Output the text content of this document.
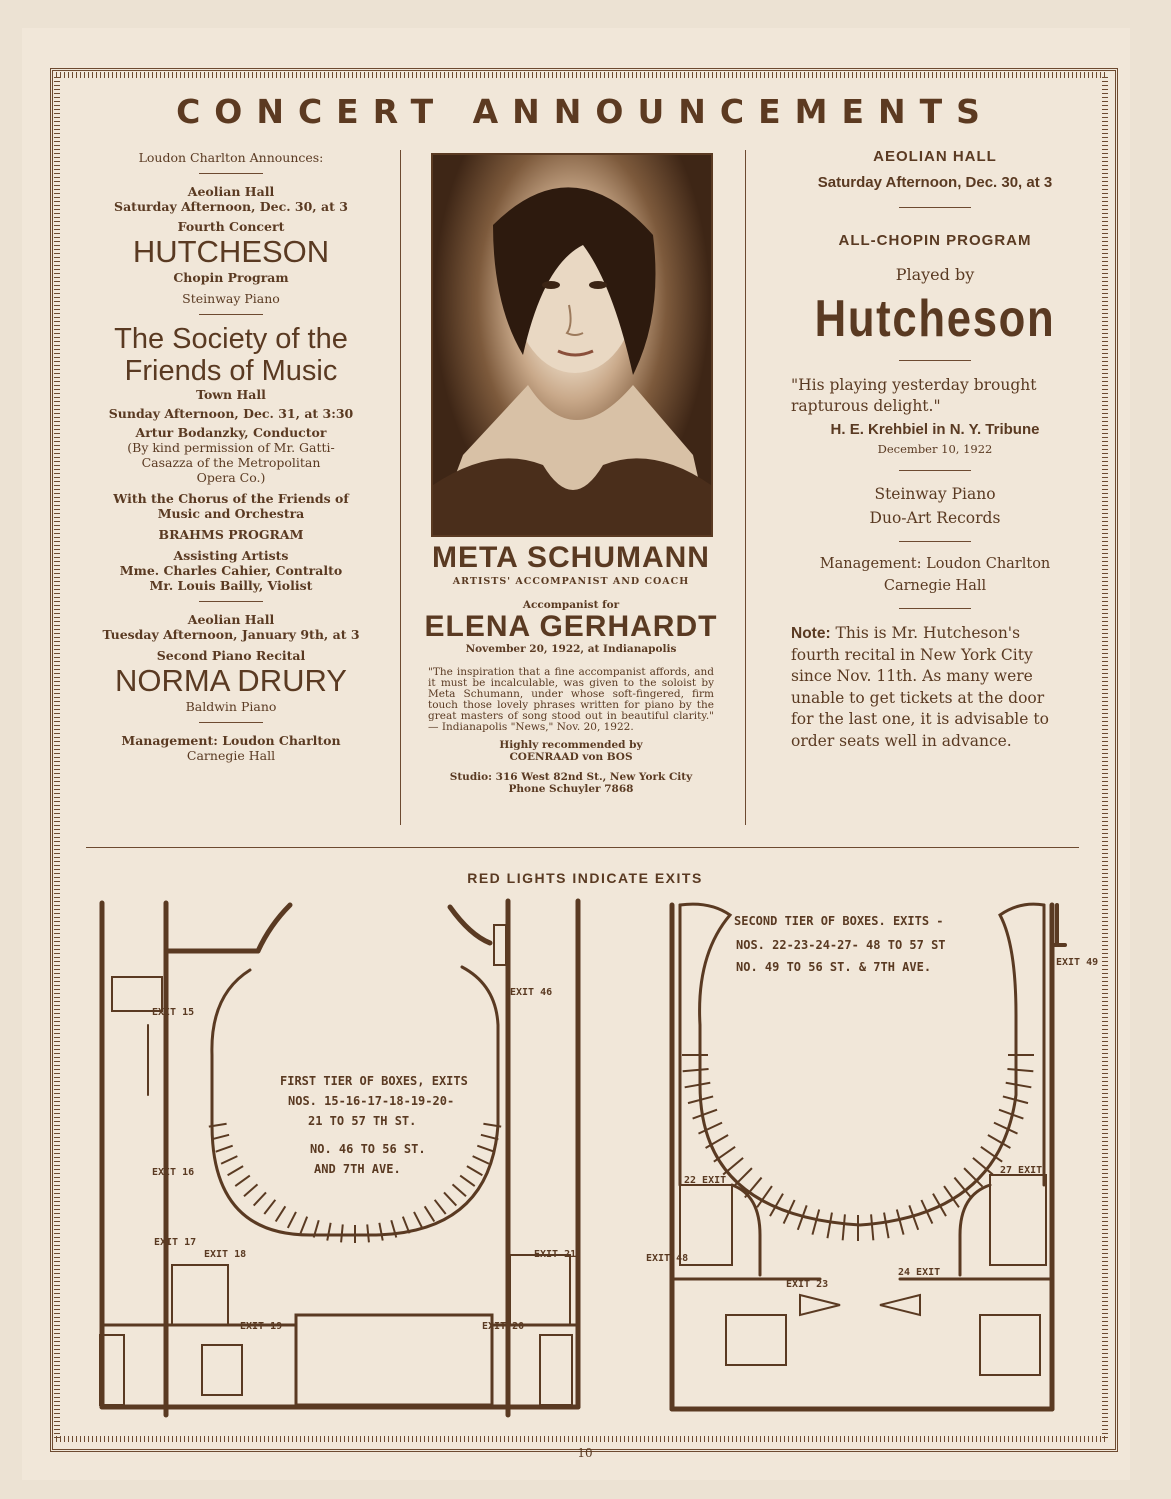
CONCERT ANNOUNCEMENTS
Loudon Charlton Announces:
Aeolian Hall
Saturday Afternoon, Dec. 30, at 3
Fourth Concert
HUTCHESON
Chopin Program
Steinway Piano
The Society of the
Friends of Music
Town Hall
Sunday Afternoon, Dec. 31, at 3:30
Artur Bodanzky, Conductor
(By kind permission of Mr. Gatti-
Casazza of the Metropolitan
Opera Co.)
With the Chorus of the Friends of
Music and Orchestra
BRAHMS PROGRAM
Assisting Artists
Mme. Charles Cahier, Contralto
Mr. Louis Bailly, Violist
Aeolian Hall
Tuesday Afternoon, January 9th, at 3
Second Piano Recital
NORMA DRURY
Baldwin Piano
Management: Loudon Charlton
Carnegie Hall
META SCHUMANN
ARTISTS' ACCOMPANIST AND COACH
Accompanist for
ELENA GERHARDT
November 20, 1922, at Indianapolis
"The inspiration that a fine accompanist affords, and it must be incalculable, was given to the soloist by Meta Schumann, under whose soft-fingered, firm touch those lovely phrases written for piano by the great masters of song stood out in beautiful clarity." — Indianapolis "News," Nov. 20, 1922.
Highly recommended by
COENRAAD von BOS
Studio: 316 West 82nd St., New York City
Phone Schuyler 7868
AEOLIAN HALL
Saturday Afternoon, Dec. 30, at 3
ALL-CHOPIN PROGRAM
Played by
Hutcheson
"His playing yesterday brought
rapturous delight."
H. E. Krehbiel in N. Y. Tribune
December 10, 1922
Steinway Piano
Duo-Art Records
Management: Loudon Charlton
Carnegie Hall
Note: This is Mr. Hutcheson's
fourth recital in New York City
since Nov. 11th. As many were
unable to get tickets at the door
for the last one, it is advisable to
order seats well in advance.
RED LIGHTS INDICATE EXITS
FIRST TIER OF BOXES, EXITS
NOS. 15-16-17-18-19-20-
21 TO 57 TH ST.
NO. 46 TO 56 ST.
AND 7TH AVE.
EXIT 15
EXIT 16
EXIT 17
EXIT 18
EXIT 19	EXIT 20
EXIT 21
EXIT 46
SECOND TIER OF BOXES. EXITS -
NOS. 22-23-24-27- 48 TO 57 ST
NO. 49 TO 56 ST. & 7TH AVE.	EXIT 49
22 EXIT
27 EXIT
EXIT 48
EXIT 23
24 EXIT
10
